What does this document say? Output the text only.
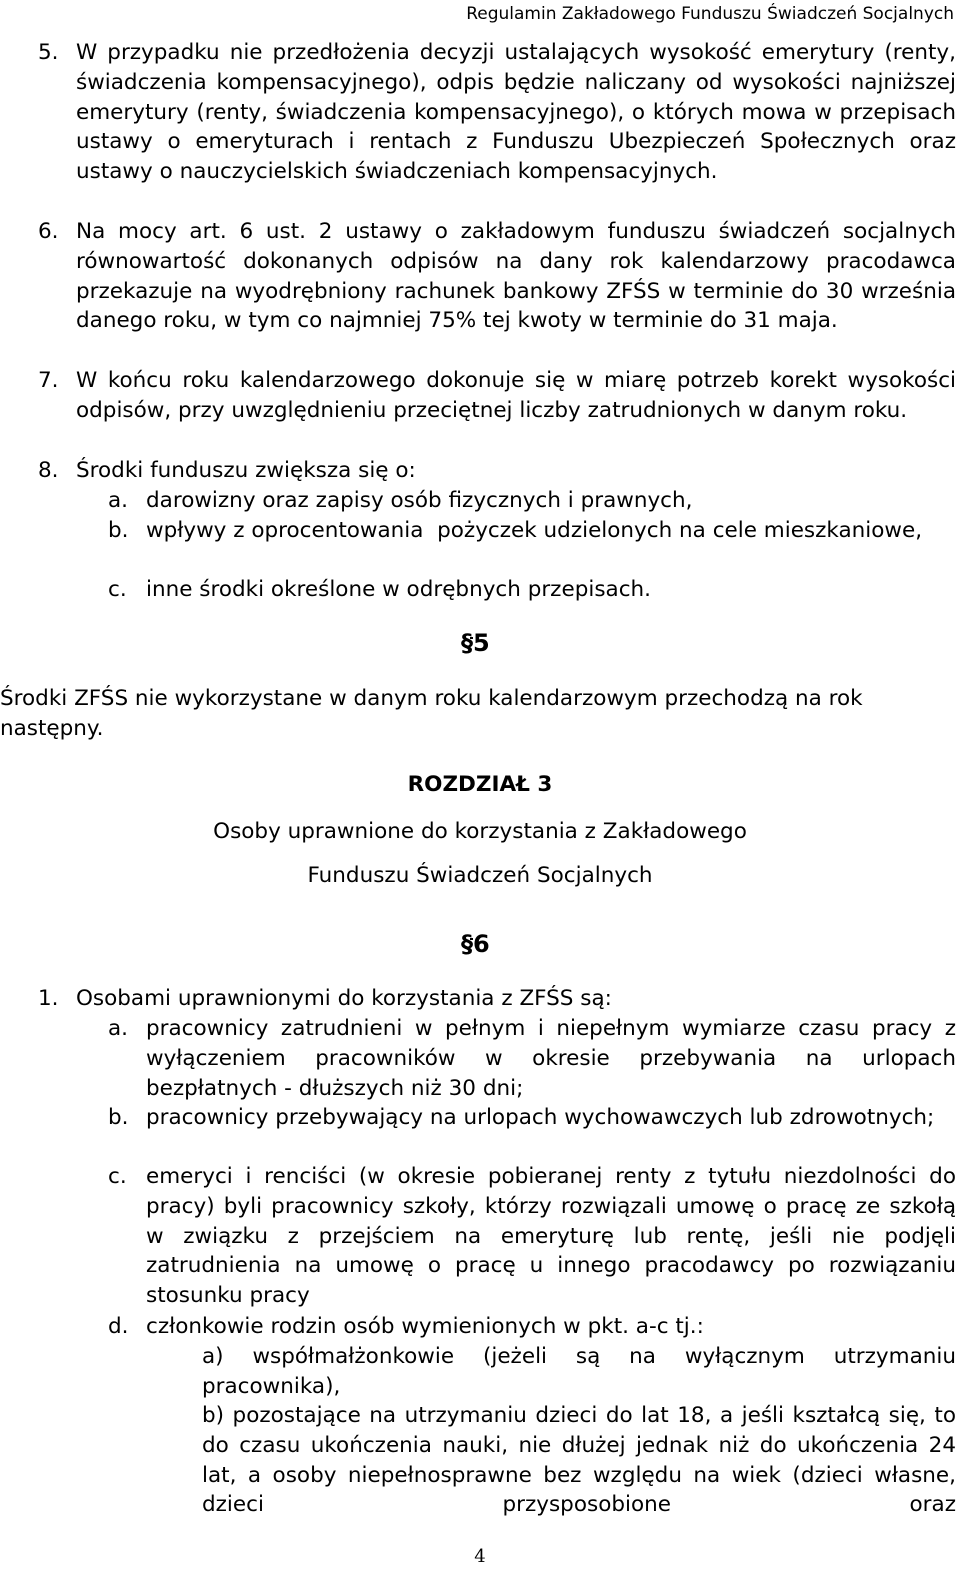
Regulamin Zakładowego Funduszu Świadczeń Socjalnych
5. W przypadku nie przedłożenia decyzji ustalających wysokość emerytury (renty, świadczenia kompensacyjnego), odpis będzie naliczany od wysokości najniższej emerytury (renty, świadczenia kompensacyjnego), o których mowa w przepisach ustawy o emeryturach i rentach z Funduszu Ubezpieczeń Społecznych oraz ustawy o nauczycielskich świadczeniach kompensacyjnych.
6. Na mocy art. 6 ust. 2 ustawy o zakładowym funduszu świadczeń socjalnych równowartość dokonanych odpisów na dany rok kalendarzowy pracodawca przekazuje na wyodrębniony rachunek bankowy ZFŚS w terminie do 30 września danego roku, w tym co najmniej 75% tej kwoty w terminie do 31 maja.
7. W końcu roku kalendarzowego dokonuje się w miarę potrzeb korekt wysokości odpisów, przy uwzględnieniu przeciętnej liczby zatrudnionych w danym roku.
8. Środki funduszu zwiększa się o:
a. darowizny oraz zapisy osób fizycznych i prawnych,
b. wpływy z oprocentowania  pożyczek udzielonych na cele mieszkaniowe,
c. inne środki określone w odrębnych przepisach.
§5
Środki ZFŚS nie wykorzystane w danym roku kalendarzowym przechodzą na rok następny.
ROZDZIAŁ 3
Osoby uprawnione do korzystania z Zakładowego
Funduszu Świadczeń Socjalnych
§6
1. Osobami uprawnionymi do korzystania z ZFŚS są:
a. pracownicy zatrudnieni w pełnym i niepełnym wymiarze czasu pracy z wyłączeniem pracowników w okresie przebywania na urlopach bezpłatnych - dłuższych niż 30 dni;
b. pracownicy przebywający na urlopach wychowawczych lub zdrowotnych;
c. emeryci i renciści (w okresie pobieranej renty z tytułu niezdolności do pracy) byli pracownicy szkoły, którzy rozwiązali umowę o pracę ze szkołą w związku z przejściem na emeryturę lub rentę, jeśli nie podjęli zatrudnienia na umowę o pracę u innego pracodawcy po rozwiązaniu stosunku pracy
d. członkowie rodzin osób wymienionych w pkt. a-c tj.:
a) współmałżonkowie (jeżeli są na wyłącznym utrzymaniu pracownika),
b) pozostające na utrzymaniu dzieci do lat 18, a jeśli kształcą się, to do czasu ukończenia nauki, nie dłużej jednak niż do ukończenia 24 lat, a osoby niepełnosprawne bez względu na wiek (dzieci własne, dzieci przysposobione oraz
4
